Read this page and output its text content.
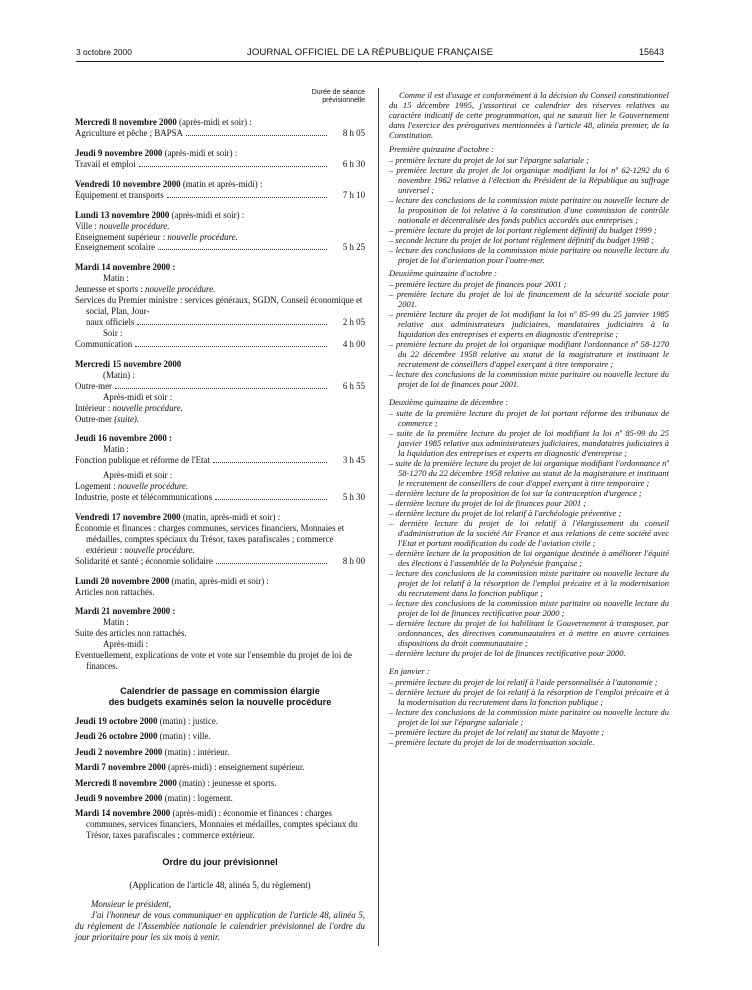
3 octobre 2000	JOURNAL OFFICIEL DE LA RÉPUBLIQUE FRANÇAISE	15643
Durée de séance
prévisionnelle
Mercredi 8 novembre 2000 (après-midi et soir) :
Agriculture et pêche ; BAPSA	8 h 05
Jeudi 9 novembre 2000 (après-midi et soir) :
Travail et emploi	6 h 30
Vendredi 10 novembre 2000 (matin et après-midi) :
Équipement et transports	7 h 10
Lundi 13 novembre 2000 (après-midi et soir) :
Ville : nouvelle procédure.
Enseignement supérieur : nouvelle procédure.
Enseignement scolaire	5 h 25
Mardi 14 novembre 2000 :
Matin :
Jeunesse et sports : nouvelle procédure.
Services du Premier ministre : services généraux, SGDN, Conseil économique et social, Plan, Jour-
naux officiels	2 h 05
Soir :
Communication	4 h 00
Mercredi 15 novembre 2000
(Matin) :
Outre-mer	6 h 55
Après-midi et soir :
Intérieur : nouvelle procédure.
Outre-mer (suite).
Jeudi 16 novembre 2000 :
Matin :
Fonction publique et réforme de l'Etat	3 h 45
Après-midi et soir :
Logement : nouvelle procédure.
Industrie, poste et télécommunications	5 h 30
Vendredi 17 novembre 2000 (matin, après-midi et soir) :
Économie et finances : charges communes, services financiers, Monnaies et médailles, comptes spéciaux du Trésor, taxes parafiscales ; commerce extérieur : nouvelle procédure.
Solidarité et santé ; économie solidaire	8 h 00
Lundi 20 novembre 2000 (matin, après-midi et soir) :
Articles non rattachés.
Mardi 21 novembre 2000 :
Matin :
Suite des articles non rattachés.
Après-midi :
Eventuellement, explications de vote et vote sur l'ensemble du projet de loi de finances.
Calendrier de passage en commission élargie
des budgets examinés selon la nouvelle procédure

Jeudi 19 octobre 2000 (matin) : justice.

Jeudi 26 octobre 2000 (matin) : ville.

Jeudi 2 novembre 2000 (matin) : intérieur.

Mardi 7 novembre 2000 (après-midi) : enseignement supérieur.

Mercredi 8 novembre 2000 (matin) : jeunesse et sports.

Jeudi 9 novembre 2000 (matin) : logement.

Mardi 14 novembre 2000 (après-midi) : économie et finances : charges communes, services financiers, Monnaies et médailles, comptes spéciaux du Trésor, taxes parafiscales ; commerce extérieur.

Ordre du jour prévisionnel
(Application de l'article 48, alinéa 5, du règlement)
Monsieur le président,
J'ai l'honneur de vous communiquer en application de l'article 48, alinéa 5, du règlement de l'Assemblée nationale le calendrier prévisionnel de l'ordre du jour prioritaire pour les six mois à venir.

Comme il est d'usage et conformément à la décision du Conseil constitutionnel du 15 décembre 1995, j'assortirai ce calendrier des réserves relatives au caractère indicatif de cette programmation, qui ne saurait lier le Gouvernement dans l'exercice des prérogatives mentionnées à l'article 48, alinéa premier, de la Constitution.

Première quinzaine d'octobre :

– première lecture du projet de loi sur l'épargne salariale ;

– première lecture du projet de loi organique modifiant la loi nº 62-1292 du 6 novembre 1962 relative à l'élection du Président de la République au suffrage universel ;

– lecture des conclusions de la commission mixte paritaire ou nouvelle lecture de la proposition de loi relative à la constitution d'une commission de contrôle nationale et décentralisée des fonds publics accordés aux entreprises ;

– première lecture du projet de loi portant règlement définitif du budget 1999 ;

– seconde lecture du projet de loi portant règlement définitif du budget 1998 ;

– lecture des conclusions de la commission mixte paritaire ou nouvelle lecture du projet de loi d'orientation pour l'outre-mer.

Deuxième quinzaine d'octobre :

– première lecture du projet de finances pour 2001 ;

– première lecture du projet de loi de financement de la sécurité sociale pour 2001.

– première lecture du projet de loi modifiant la loi nº 85-99 du 25 janvier 1985 relative aux administrateurs judiciaires, mandataires judiciaires à la liquidation des entreprises et experts en diagnostic d'entreprise ;

– première lecture du projet de loi organique modifiant l'ordonnance nº 58-1270 du 22 décembre 1958 relative au statut de la magistrature et instituant le recrutement de conseillers d'appel exerçant à titre temporaire ;

– lecture des conclusions de la commission mixte paritaire ou nouvelle lecture du projet de loi de finances pour 2001.

Deuxième quinzaine de décembre :

– suite de la première lecture du projet de loi portant réforme des tribunaux de commerce ;

– suite de la première lecture du projet de loi modifiant la loi nº 85-99 du 25 janvier 1985 relative aux administrateurs judiciaires, mandataires judiciaires à la liquidation des entreprises et experts en diagnostic d'entreprise ;

– suite de la première lecture du projet de loi organique modifiant l'ordonnance nº 58-1270 du 22 décembre 1958 relative au statut de la magistrature et instituant le recrutement de conseillers de cour d'appel exerçant à titre temporaire ;

– dernière lecture de la proposition de loi sur la contraception d'urgence ;

– dernière lecture du projet de loi de finances pour 2001 ;

– dernière lecture du projet de loi relatif à l'archéologie préventive ;

– dernière lecture du projet de loi relatif à l'élargissement du conseil d'administration de la société Air France et aux relations de cette société avec l'Etat et portant modification du code de l'aviation civile ;

– dernière lecture de la proposition de loi organique destinée à améliorer l'équité des élections à l'assemblée de la Polynésie française ;

– lecture des conclusions de la commission mixte paritaire ou nouvelle lecture du projet de loi relatif à la résorption de l'emploi précaire et à la modernisation du recrutement dans la fonction publique ;

– lecture des conclusions de la commission mixte paritaire ou nouvelle lecture du projet de loi de finances rectificative pour 2000 ;

– dernière lecture du projet de loi habilitant le Gouvernement à transposer, par ordonnances, des directives communautaires et à mettre en œuvre certaines dispositions du droit communautaire ;

– dernière lecture du projet de loi de finances rectificative pour 2000.

En janvier :

– première lecture du projet de loi relatif à l'aide personnalisée à l'autonomie ;

– dernière lecture du projet de loi relatif à la résorption de l'emploi précaire et à la modernisation du recrutement dans la fonction publique ;

– lecture des conclusions de la commission mixte paritaire ou nouvelle lecture du projet de loi sur l'épargne salariale ;

– première lecture du projet de loi relatif au statut de Mayotte ;

– première lecture du projet de loi de modernisation sociale.
